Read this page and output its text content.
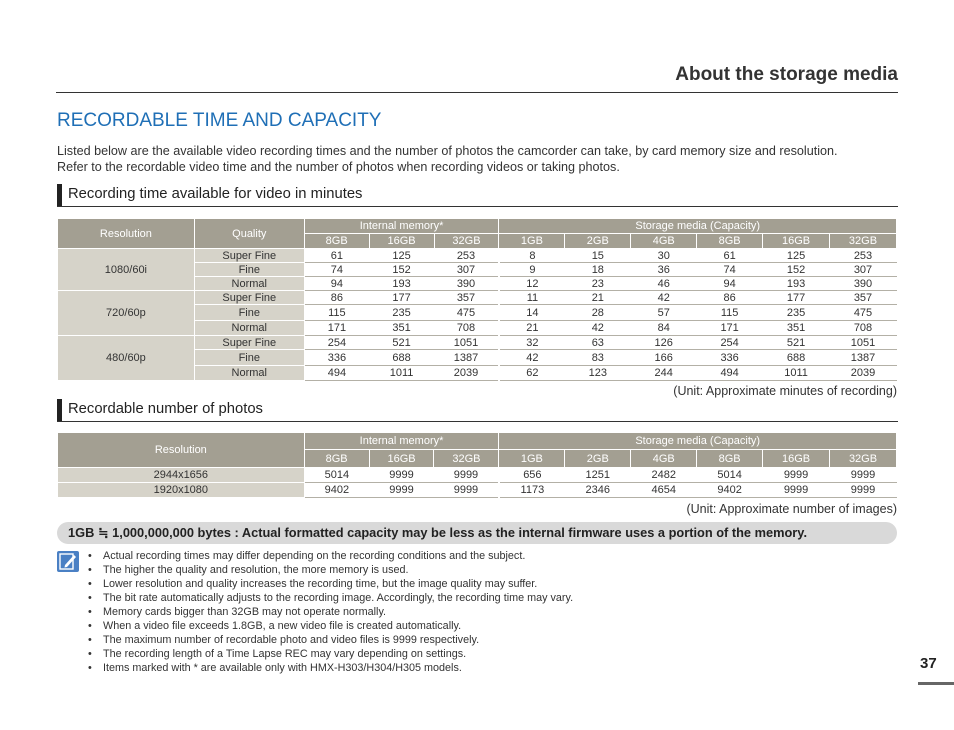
About the storage media
RECORDABLE TIME AND CAPACITY

Listed below are the available video recording times and the number of photos the camcorder can take, by card memory size and resolution.

Refer to the recordable video time and the number of photos when recording videos or taking photos.

Recording time available for video in minutes
Resolution	Quality	Internal memory*			Storage media (Capacity)					
		8GB	16GB	32GB	1GB	2GB	4GB	8GB	16GB	32GB
1080/60i	Super Fine	61	125	253	8	15	30	61	125	253
	Fine	74	152	307	9	18	36	74	152	307
	Normal	94	193	390	12	23	46	94	193	390
720/60p	Super Fine	86	177	357	11	21	42	86	177	357
	Fine	115	235	475	14	28	57	115	235	475
	Normal	171	351	708	21	42	84	171	351	708
480/60p	Super Fine	254	521	1051	32	63	126	254	521	1051
	Fine	336	688	1387	42	83	166	336	688	1387
	Normal	494	1011	2039	62	123	244	494	1011	2039
(Unit: Approximate minutes of recording)
Recordable number of photos
Resolution	Internal memory*			Storage media (Capacity)					
	8GB	16GB	32GB	1GB	2GB	4GB	8GB	16GB	32GB
2944x1656	5014	9999	9999	656	1251	2482	5014	9999	9999
1920x1080	9402	9999	9999	1173	2346	4654	9402	9999	9999
(Unit: Approximate number of images)
1GB ≒ 1,000,000,000 bytes : Actual formatted capacity may be less as the internal firmware uses a portion of the memory.
• Actual recording times may differ depending on the recording conditions and the subject.
• The higher the quality and resolution, the more memory is used.
• Lower resolution and quality increases the recording time, but the image quality may suffer.
• The bit rate automatically adjusts to the recording image. Accordingly, the recording time may vary.
• Memory cards bigger than 32GB may not operate normally.
• When a video file exceeds 1.8GB, a new video file is created automatically.
• The maximum number of recordable photo and video files is 9999 respectively.
• The recording length of a Time Lapse REC may vary depending on settings.
• Items marked with * are available only with HMX-H303/H304/H305 models.	37
